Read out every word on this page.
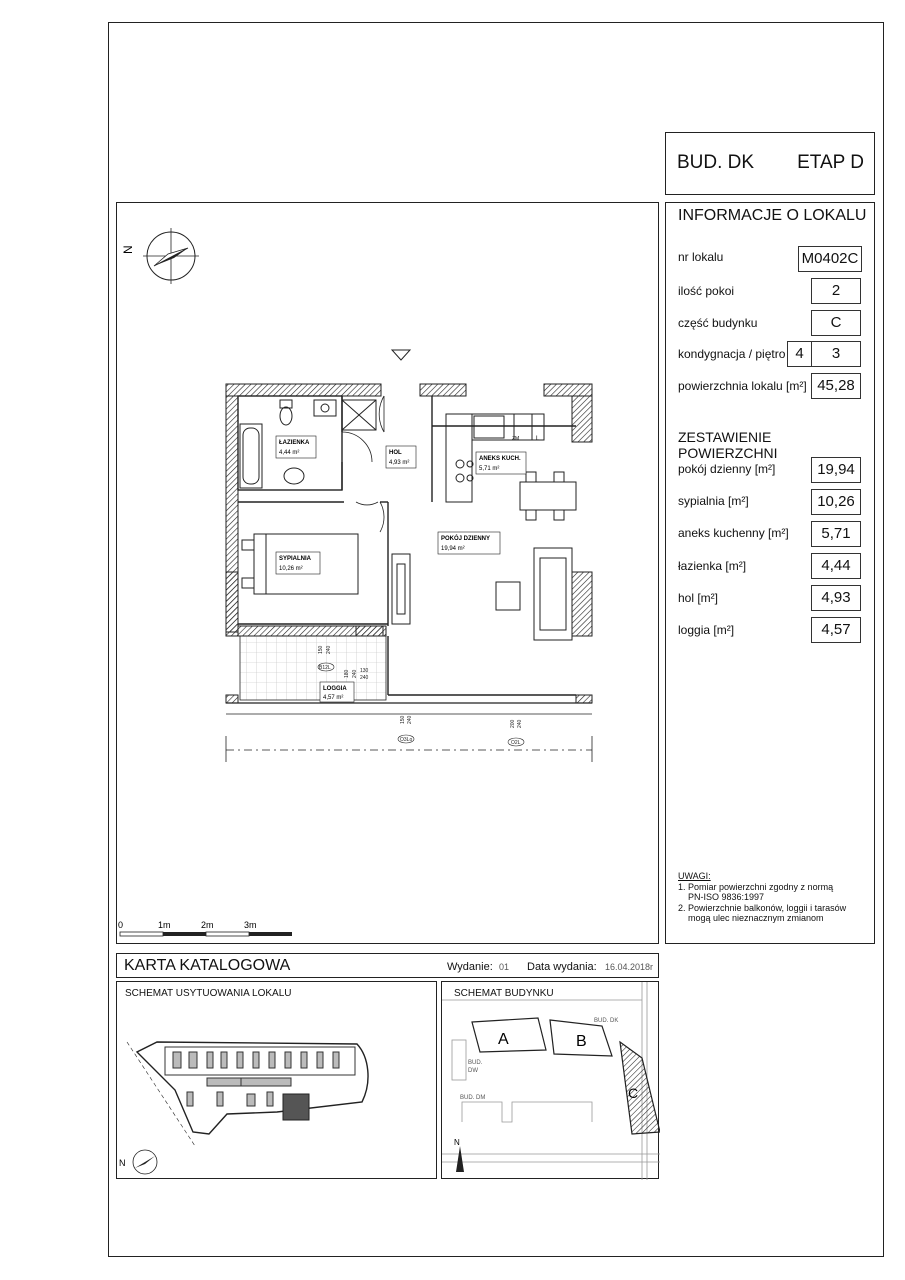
BUD. DK ETAP D
INFORMACJE O LOKALU
nr lokalu	M0402C
ilość pokoi	2
część budynku	C
kondygnacja / piętro 4	3
powierzchnia lokalu [m²] 45,28
ZESTAWIENIE POWIERZCHNI
pokój dzienny [m²]	19,94
sypialnia [m²]	10,26
aneks kuchenny [m²]	5,71
łazienka [m²]	4,44
hol [m²]	4,93
loggia [m²]	4,57
UWAGI:
1. Pomiar powierzchni zgodny z normą
PN-ISO 9836:1997
2. Powierzchnie balkonów, loggii i tarasów
mogą ulec nieznacznym zmianom
N
ZM	L
ŁAZIENKA
4,44 m²	HOL
4,93 m²
ANEKS KUCH.
5,71 m²
POKÓJ DZIENNY
19,94 m²
SYPIALNIA
10,26 m²
LOGGIA
4,57 m²
B12L
O3Lo	O2L
150 240
130
240
180 240
150 240	200 240
0	1m	2m	3m
KARTA KATALOGOWA	Wydanie: 01 Data wydania: 16.04.2018r
SCHEMAT USYTUOWANIA LOKALU
N
SCHEMAT BUDYNKU
A	B
C
BUD. DK
BUD.
DW
BUD. DM
N
